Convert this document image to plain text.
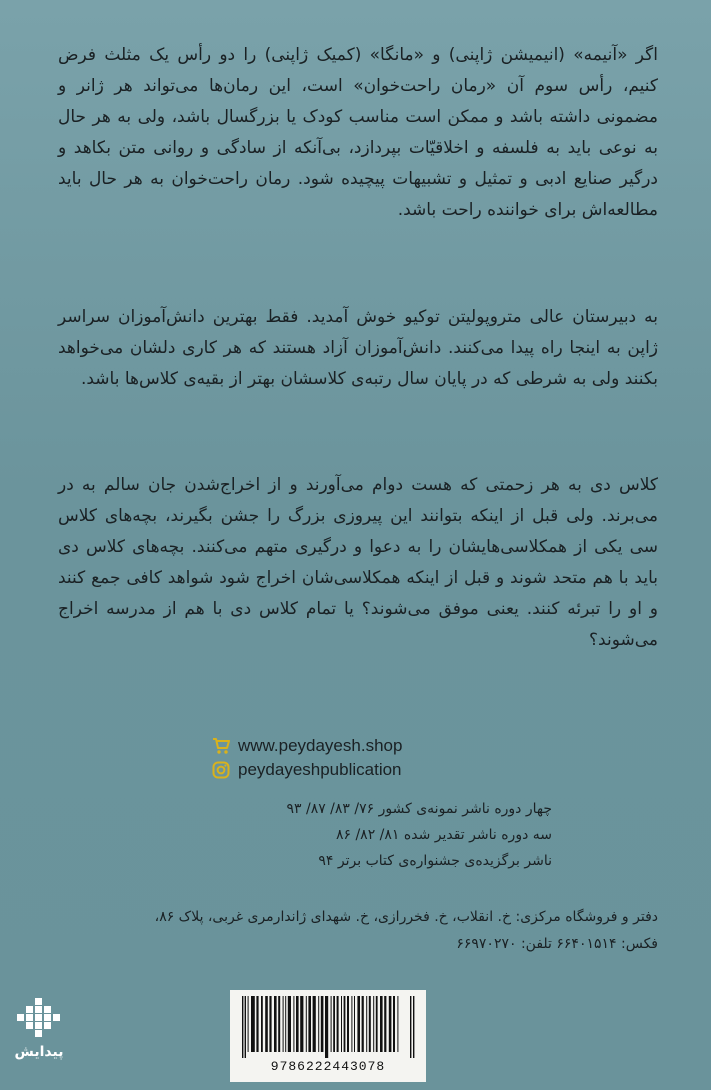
اگر «آنیمه» (انیمیشن ژاپنی) و «مانگا» (کمیک ژاپنی) را دو رأس یک مثلث فرض کنیم، رأس سوم آن «رمان راحت‌خوان» است، این رمان‌ها می‌تواند هر ژانر و مضمونی داشته باشد و ممکن است مناسب کودک یا بزرگسال باشد، ولی به هر حال به نوعی باید به فلسفه و اخلاقیّات بپردازد، بی‌آنکه از سادگی و روانی متن بکاهد و درگیر صنایع ادبی و تمثیل و تشبیهات پیچیده شود. رمان راحت‌خوان به هر حال باید مطالعه‌اش برای خواننده راحت باشد.
به دبیرستان عالی متروپولیتن توکیو خوش آمدید. فقط بهترین دانش‌آموزان سراسر ژاپن به اینجا راه پیدا می‌کنند. دانش‌آموزان آزاد هستند که هر کاری دلشان می‌خواهد بکنند ولی به شرطی که در پایان سال رتبه‌ی کلاسشان بهتر از بقیه‌ی کلاس‌ها باشد.
کلاس دی به هر زحمتی که هست دوام می‌آورند و از اخراج‌شدن جان سالم به در می‌برند. ولی قبل از اینکه بتوانند این پیروزی بزرگ را جشن بگیرند، بچه‌های کلاس سی یکی از همکلاسی‌هایشان را به دعوا و درگیری متهم می‌کنند. بچه‌های کلاس دی باید با هم متحد شوند و قبل از اینکه همکلاسی‌شان اخراج شود شواهد کافی جمع کنند و او را تبرئه کنند. یعنی موفق می‌شوند؟ یا تمام کلاس دی با هم از مدرسه اخراج می‌شوند؟
www.peydayesh.shop
peydayeshpublication
چهار دوره ناشر نمونه‌ی کشور ۷۶/ ۸۳/ ۸۷/ ۹۳
سه دوره ناشر تقدیر شده ۸۱/ ۸۲/ ۸۶
ناشر برگزیده‌ی جشنواره‌ی کتاب برتر ۹۴
دفتر و فروشگاه مرکزی: خ. انقلاب، خ. فخررازی، خ. شهدای ژاندارمری غربی، پلاک ۸۶،
فکس: ۶۶۴۰۱۵۱۴ تلفن: ۶۶۹۷۰۲۷۰
پیدایش
9786222443078
